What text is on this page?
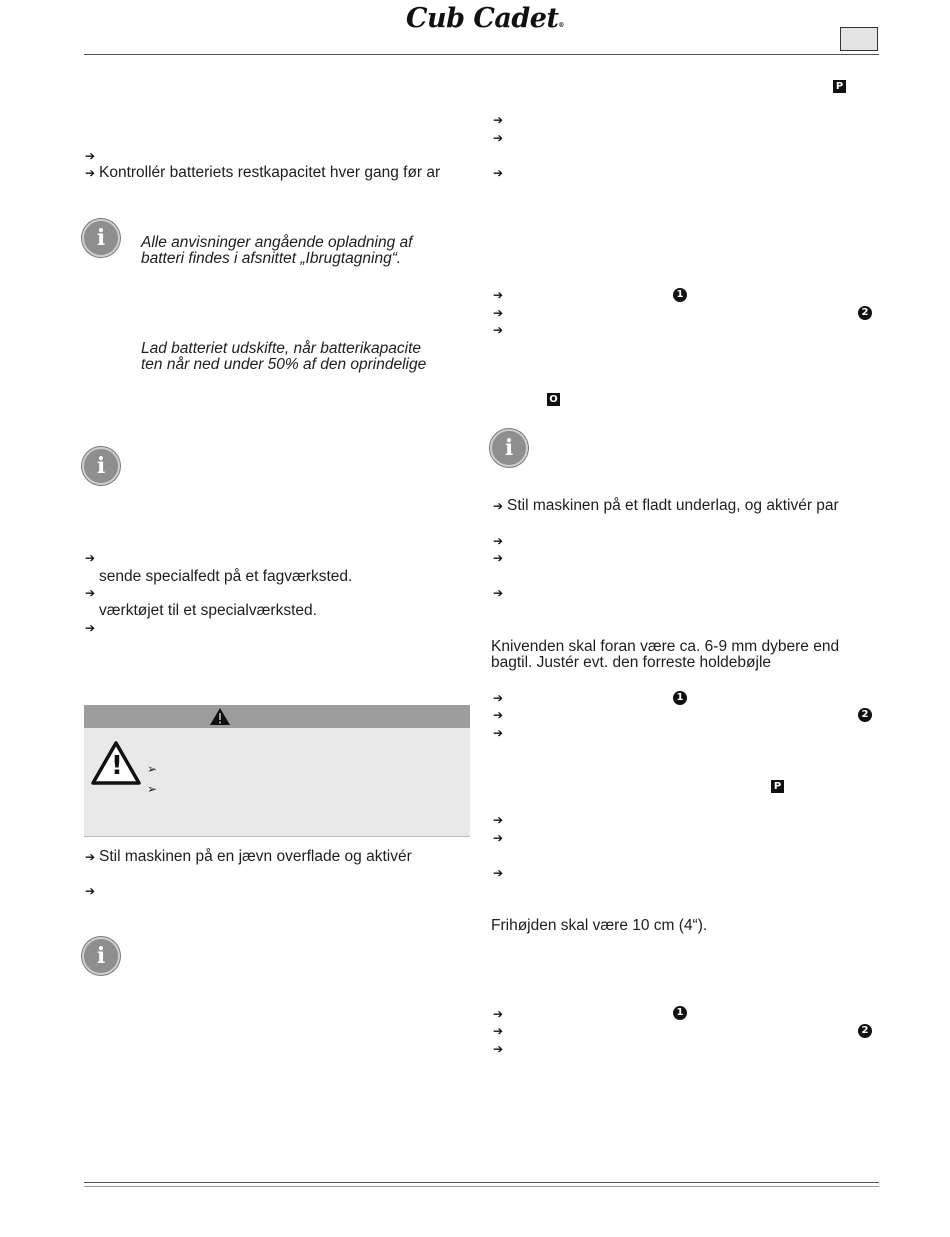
Cub Cadet®
➔
➔ Kontrollér batteriets restkapacitet hver gang før ar
i	Alle anvisninger angående opladning af
batteri findes i afsnittet „Ibrugtagning“.
Lad batteriet udskifte, når batterikapacite
ten når ned under 50% af den oprindelige
i
➔
sende specialfedt på et fagværksted.
➔
værktøjet til et specialværksted.
➔
! ➢
➢
➔ Stil maskinen på en jævn overflade og aktivér
➔
i
P
➔
➔
➔
➔	1
➔	2
➔
O
i
➔ Stil maskinen på et fladt underlag, og aktivér par
➔
➔
➔
Knivenden skal foran være ca. 6-9 mm dybere end
bagtil. Justér evt. den forreste holdebøjle
➔	1
➔	2
➔
P
➔
➔
➔
Frihøjden skal være 10 cm (4“).
➔	1
➔	2
➔
